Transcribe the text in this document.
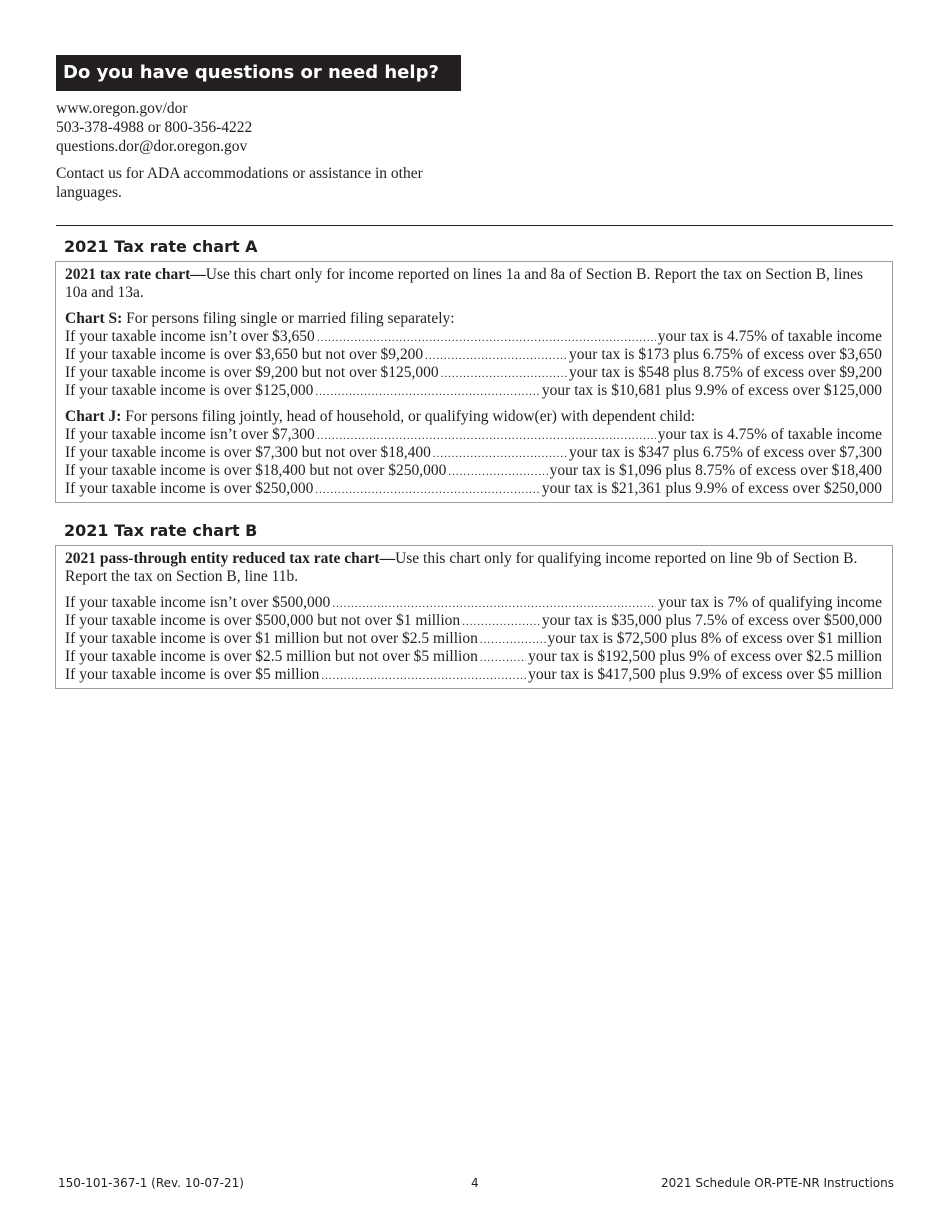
Do you have questions or need help?
www.oregon.gov/dor
503-378-4988 or 800-356-4222
questions.dor@dor.oregon.gov
Contact us for ADA accommodations or assistance in other languages.
2021 Tax rate chart A

2021 tax rate chart—Use this chart only for income reported on lines 1a and 8a of Section B. Report the tax on Section B, lines 10a and 13a.

Chart S: For persons filing single or married filing separately:
If your taxable income isn’t over $3,650 .....	your tax is 4.75% of taxable income
If your taxable income is over $3,650 but not over $9,200 .....	your tax is $173 plus 6.75% of excess over $3,650
If your taxable income is over $9,200 but not over $125,000 .....	your tax is $548 plus 8.75% of excess over $9,200
If your taxable income is over $125,000 .....	your tax is $10,681 plus 9.9% of excess over $125,000
Chart J: For persons filing jointly, head of household, or qualifying widow(er) with dependent child:
If your taxable income isn’t over $7,300 .....	your tax is 4.75% of taxable income
If your taxable income is over $7,300 but not over $18,400 .....	your tax is $347 plus 6.75% of excess over $7,300
If your taxable income is over $18,400 but not over $250,000 .....	your tax is $1,096 plus 8.75% of excess over $18,400
If your taxable income is over $250,000 .....	your tax is $21,361 plus 9.9% of excess over $250,000
2021 Tax rate chart B

2021 pass-through entity reduced tax rate chart—Use this chart only for qualifying income reported on line 9b of Section B. Report the tax on Section B, line 11b.

If your taxable income isn’t over $500,000 .....	your tax is 7% of qualifying income
If your taxable income is over $500,000 but not over $1 million .....	your tax is $35,000 plus 7.5% of excess over $500,000
If your taxable income is over $1 million but not over $2.5 million .....	your tax is $72,500 plus 8% of excess over $1 million
If your taxable income is over $2.5 million but not over $5 million .....	your tax is $192,500 plus 9% of excess over $2.5 million
If your taxable income is over $5 million .....	your tax is $417,500 plus 9.9% of excess over $5 million
150-101-367-1 (Rev. 10-07-21)	4	2021 Schedule OR-PTE-NR Instructions
